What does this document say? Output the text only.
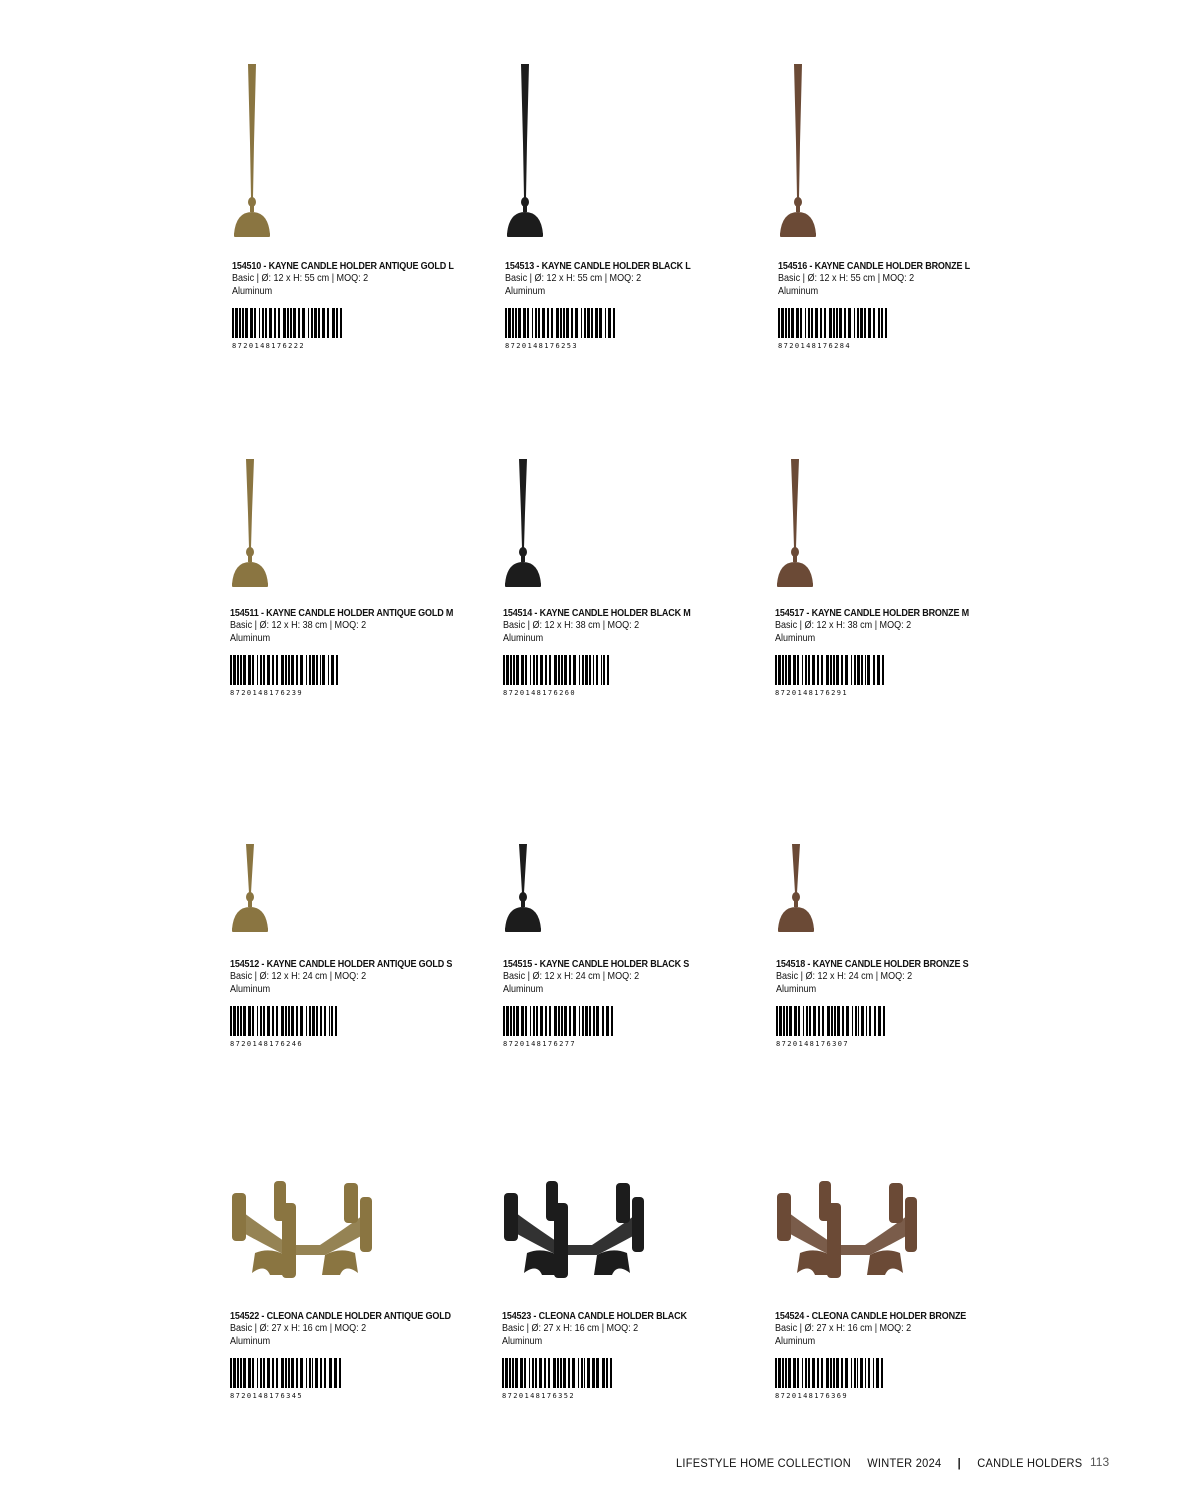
154510 - KAYNE CANDLE HOLDER ANTIQUE GOLD L
Basic | Ø: 12 x H: 55 cm | MOQ: 2
Aluminum
8720148176222
154513 - KAYNE CANDLE HOLDER BLACK L
Basic | Ø: 12 x H: 55 cm | MOQ: 2
Aluminum
8720148176253
154516 - KAYNE CANDLE HOLDER BRONZE L
Basic | Ø: 12 x H: 55 cm | MOQ: 2
Aluminum
8720148176284
154511 - KAYNE CANDLE HOLDER ANTIQUE GOLD M
Basic | Ø: 12 x H: 38 cm | MOQ: 2
Aluminum
8720148176239
154514 - KAYNE CANDLE HOLDER BLACK M
Basic | Ø: 12 x H: 38 cm | MOQ: 2
Aluminum
8720148176260
154517 - KAYNE CANDLE HOLDER BRONZE M
Basic | Ø: 12 x H: 38 cm | MOQ: 2
Aluminum
8720148176291
154512 - KAYNE CANDLE HOLDER ANTIQUE GOLD S
Basic | Ø: 12 x H: 24 cm | MOQ: 2
Aluminum
8720148176246
154515 - KAYNE CANDLE HOLDER BLACK S
Basic | Ø: 12 x H: 24 cm | MOQ: 2
Aluminum
8720148176277
154518 - KAYNE CANDLE HOLDER BRONZE S
Basic | Ø: 12 x H: 24 cm | MOQ: 2
Aluminum
8720148176307
154522 - CLEONA CANDLE HOLDER ANTIQUE GOLD
Basic | Ø: 27 x H: 16 cm | MOQ: 2
Aluminum
8720148176345
154523 - CLEONA CANDLE HOLDER BLACK
Basic | Ø: 27 x H: 16 cm | MOQ: 2
Aluminum
8720148176352
154524 - CLEONA CANDLE HOLDER BRONZE
Basic | Ø: 27 x H: 16 cm | MOQ: 2
Aluminum
8720148176369
LIFESTYLE HOME COLLECTION WINTER 2024 | CANDLE HOLDERS 113
